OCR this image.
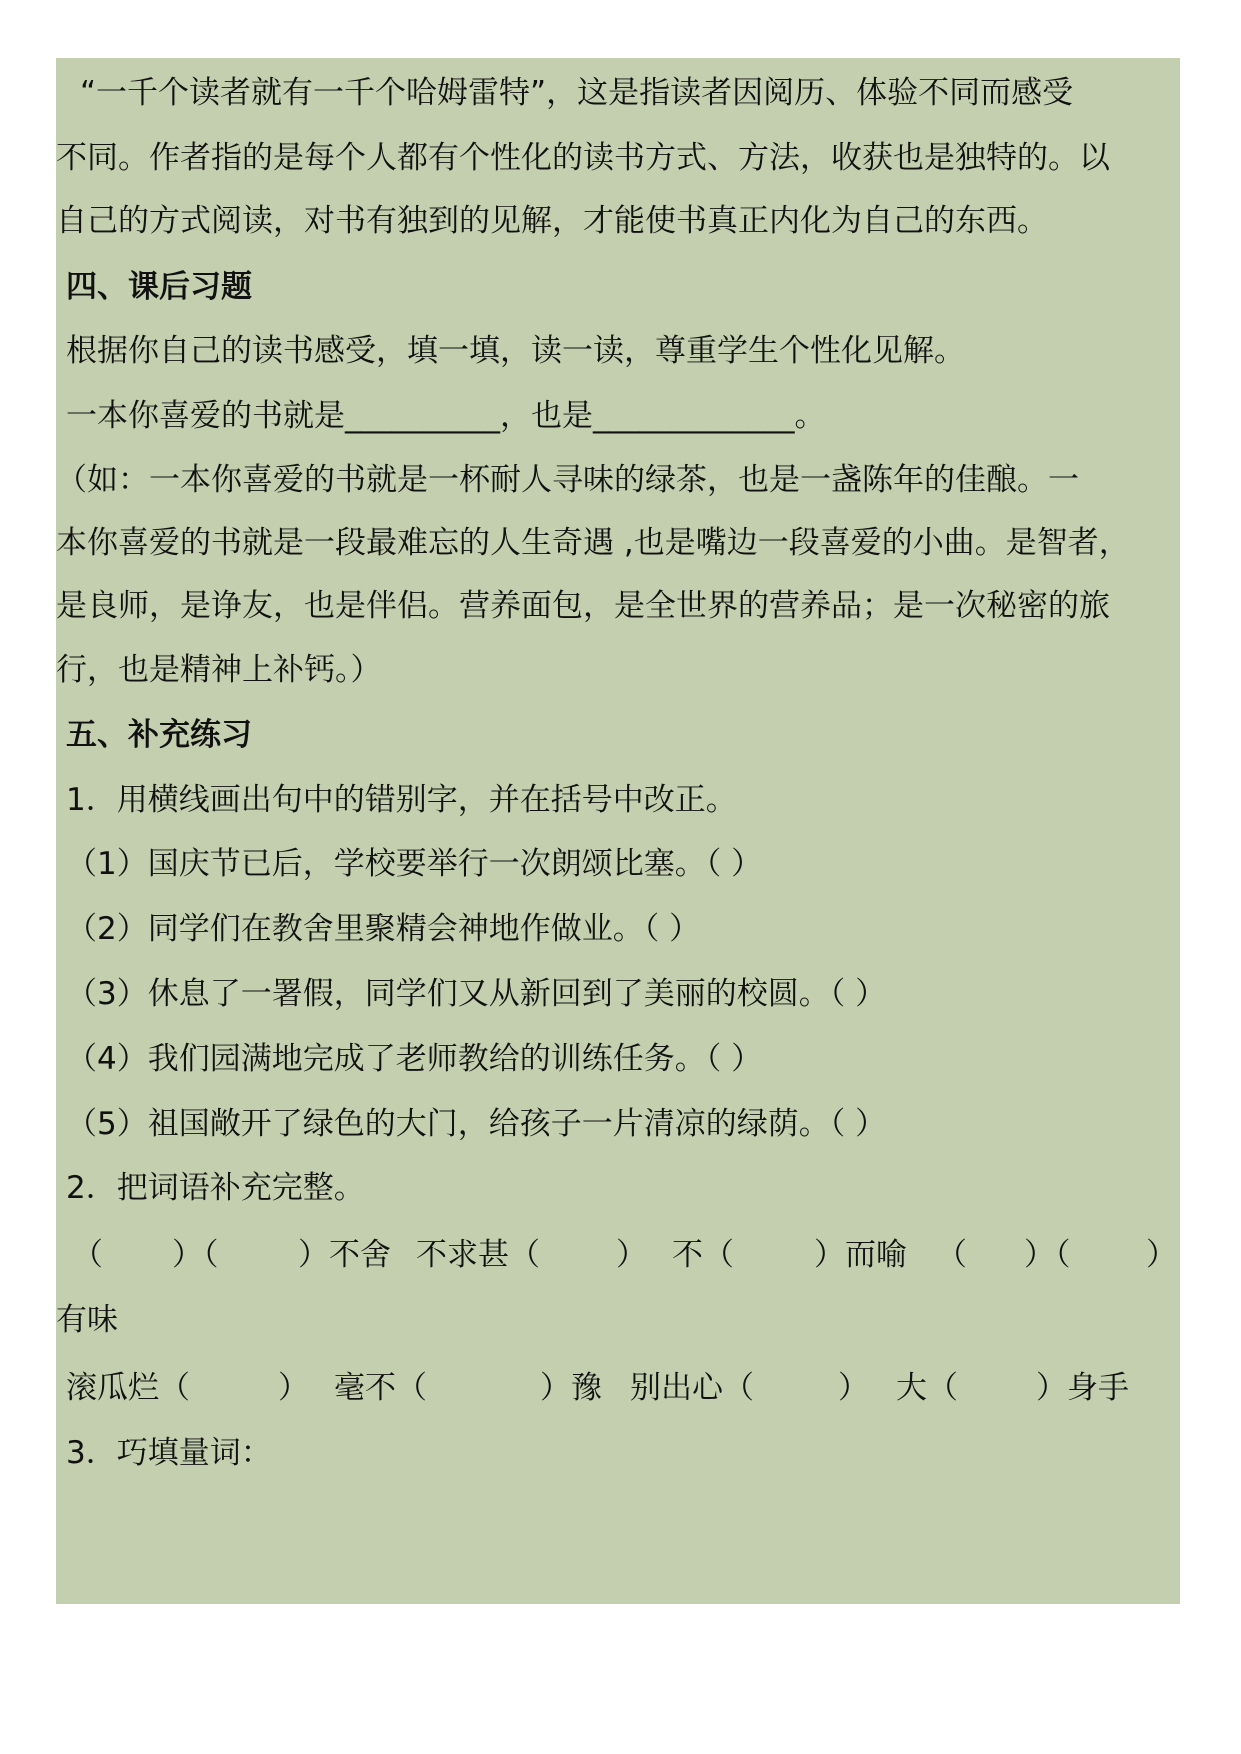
“一千个读者就有一千个哈姆雷特”，这是指读者因阅历、体验不同而感受
不同。作者指的是每个人都有个性化的读书方式、方法，收获也是独特的。以
自己的方式阅读，对书有独到的见解，才能使书真正内化为自己的东西。
四、课后习题
根据你自己的读书感受，填一填，读一读，尊重学生个性化见解。
一本你喜爱的书就是__________，也是_____________。
（如：一本你喜爱的书就是一杯耐人寻味的绿茶，也是一盏陈年的佳酿。一
本你喜爱的书就是一段最难忘的人生奇遇 ,也是嘴边一段喜爱的小曲。是智者，
是良师，是诤友，也是伴侣。营养面包，是全世界的营养品；是一次秘密的旅
行，也是精神上补钙。）
五、补充练习
1．用横线画出句中的错别字，并在括号中改正。
（1）国庆节已后，学校要举行一次朗颂比塞。（ ）
（2）同学们在教舍里聚精会神地作做业。（ ）
（3）休息了一署假，同学们又从新回到了美丽的校圆。（ ）
（4）我们园满地完成了老师教给的训练任务。（ ）
（5）祖国敞开了绿色的大门，给孩子一片清凉的绿荫。（ ）
2．把词语补充完整。
（ ）（	）不舍 不求甚（ ） 不（	）而喻 （ ）（ ）
有味
滚瓜烂（	） 毫不（	）豫 别出心（	） 大（	）身手
3．巧填量词：
